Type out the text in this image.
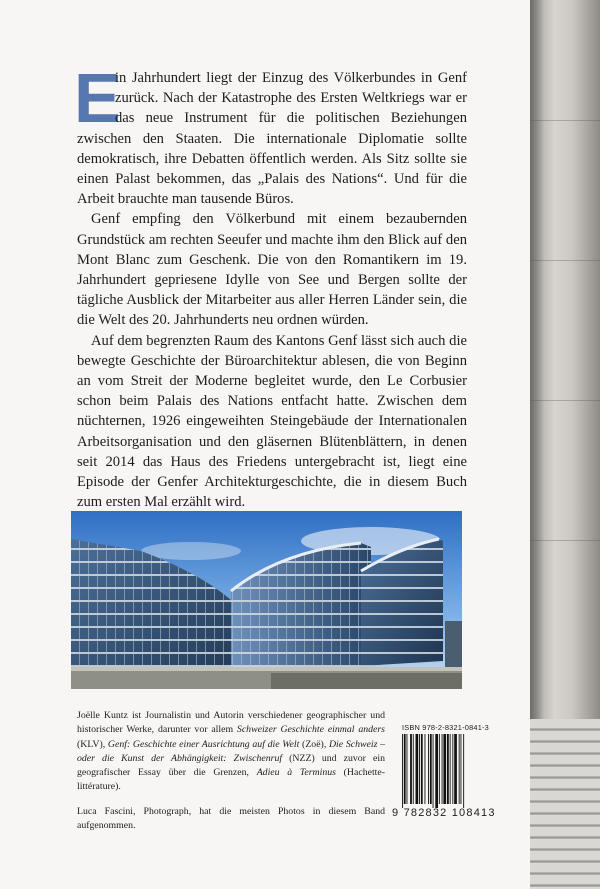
E
in Jahrhundert liegt der Einzug des Völkerbundes in Genf zurück. Nach der Katastrophe des Ersten Weltkriegs war er das neue Instrument für die politischen Beziehungen zwischen den Staaten. Die internationale Diplomatie sollte demokratisch, ihre Debatten öffentlich werden. Als Sitz sollte sie einen Palast bekommen, das „Palais des Nations“. Und für die Arbeit brauchte man tausende Büros.

Genf empfing den Völkerbund mit einem bezaubernden Grundstück am rechten Seeufer und machte ihm den Blick auf den Mont Blanc zum Geschenk. Die von den Romantikern im 19. Jahrhundert gepriesene Idylle von See und Bergen sollte der tägliche Ausblick der Mitarbeiter aus aller Herren Länder sein, die die Welt des 20. Jahrhunderts neu ordnen würden.

Auf dem begrenzten Raum des Kantons Genf lässt sich auch die bewegte Geschichte der Büroarchitektur ablesen, die von Beginn an vom Streit der Moderne begleitet wurde, den Le Corbusier schon beim Palais des Nations entfacht hatte. Zwischen dem nüchternen, 1926 eingeweihten Steingebäude der Internationalen Arbeitsorganisation und den gläsernen Blütenblättern, in denen seit 2014 das Haus des Friedens untergebracht ist, liegt eine Episode der Genfer Architekturgeschichte, die in diesem Buch zum ersten Mal erzählt wird.

Joëlle Kuntz ist Journalistin und Autorin verschiedener geographischer und historischer Werke, darunter vor allem Schweizer Geschichte einmal anders (KLV), Genf: Geschichte einer Ausrichtung auf die Welt (Zoë), Die Schweiz – oder die Kunst der Abhängigkeit: Zwischenruf (NZZ) und zuvor ein geografischer Essay über die Grenzen, Adieu à Terminus (Hachette-littérature).

Luca Fascini, Photograph, hat die meisten Photos in diesem Band aufgenommen.

ISBN 978-2-8321-0841-3
9 782832 108413
